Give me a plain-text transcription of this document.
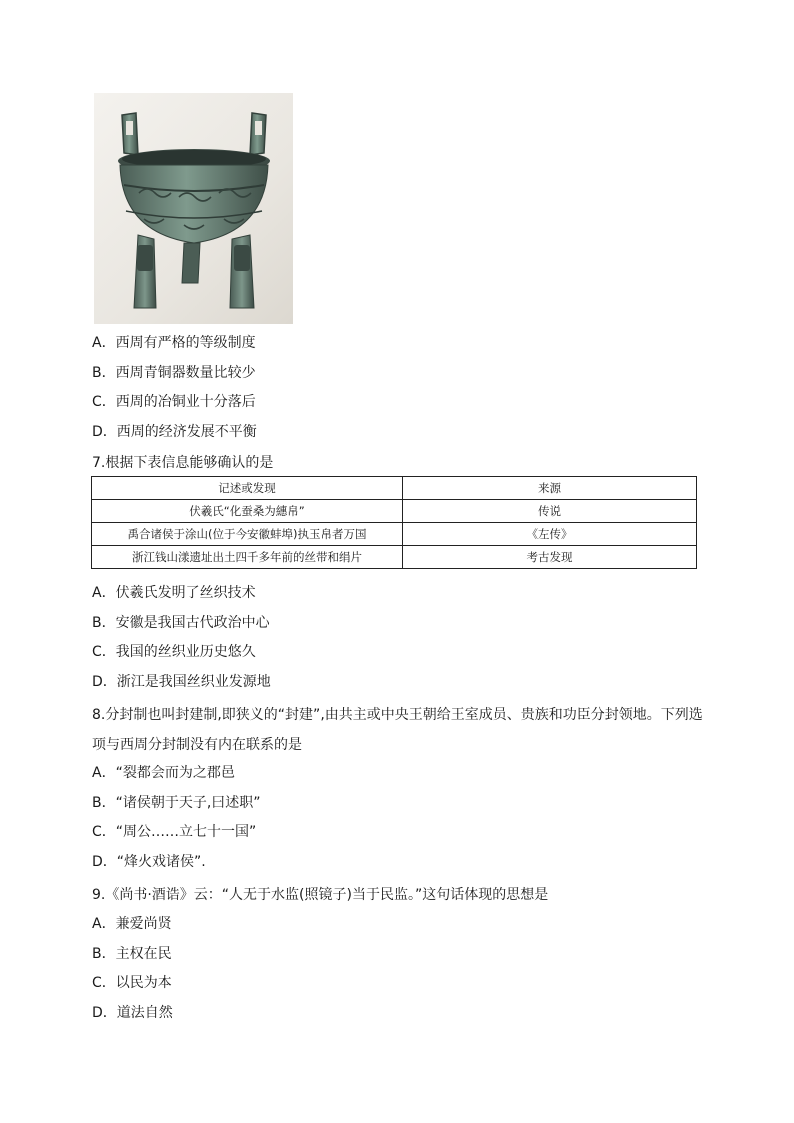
A．西周有严格的等级制度
B．西周青铜器数量比较少
C．西周的冶铜业十分落后
D．西周的经济发展不平衡
7.根据下表信息能够确认的是
记述或发现	来源
伏羲氏“化蚕桑为繐帛”	传说
禹合诸侯于涂山(位于今安徽蚌埠)执玉帛者万国	《左传》
浙江钱山漾遗址出土四千多年前的丝带和绢片	考古发现
A．伏羲氏发明了丝织技术
B．安徽是我国古代政治中心
C．我国的丝织业历史悠久
D．浙江是我国丝织业发源地
8.分封制也叫封建制,即狭义的“封建”,由共主或中央王朝给王室成员、贵族和功臣分封领地。下列选
项与西周分封制没有内在联系的是
A．“裂都会而为之郡邑
B．“诸侯朝于天子,曰述职”
C．“周公……立七十一国”
D．“烽火戏诸侯”.
9.《尚书·酒诰》云：“人无于水监(照镜子)当于民监。”这句话体现的思想是
A．兼爱尚贤
B．主权在民
C．以民为本
D．道法自然
